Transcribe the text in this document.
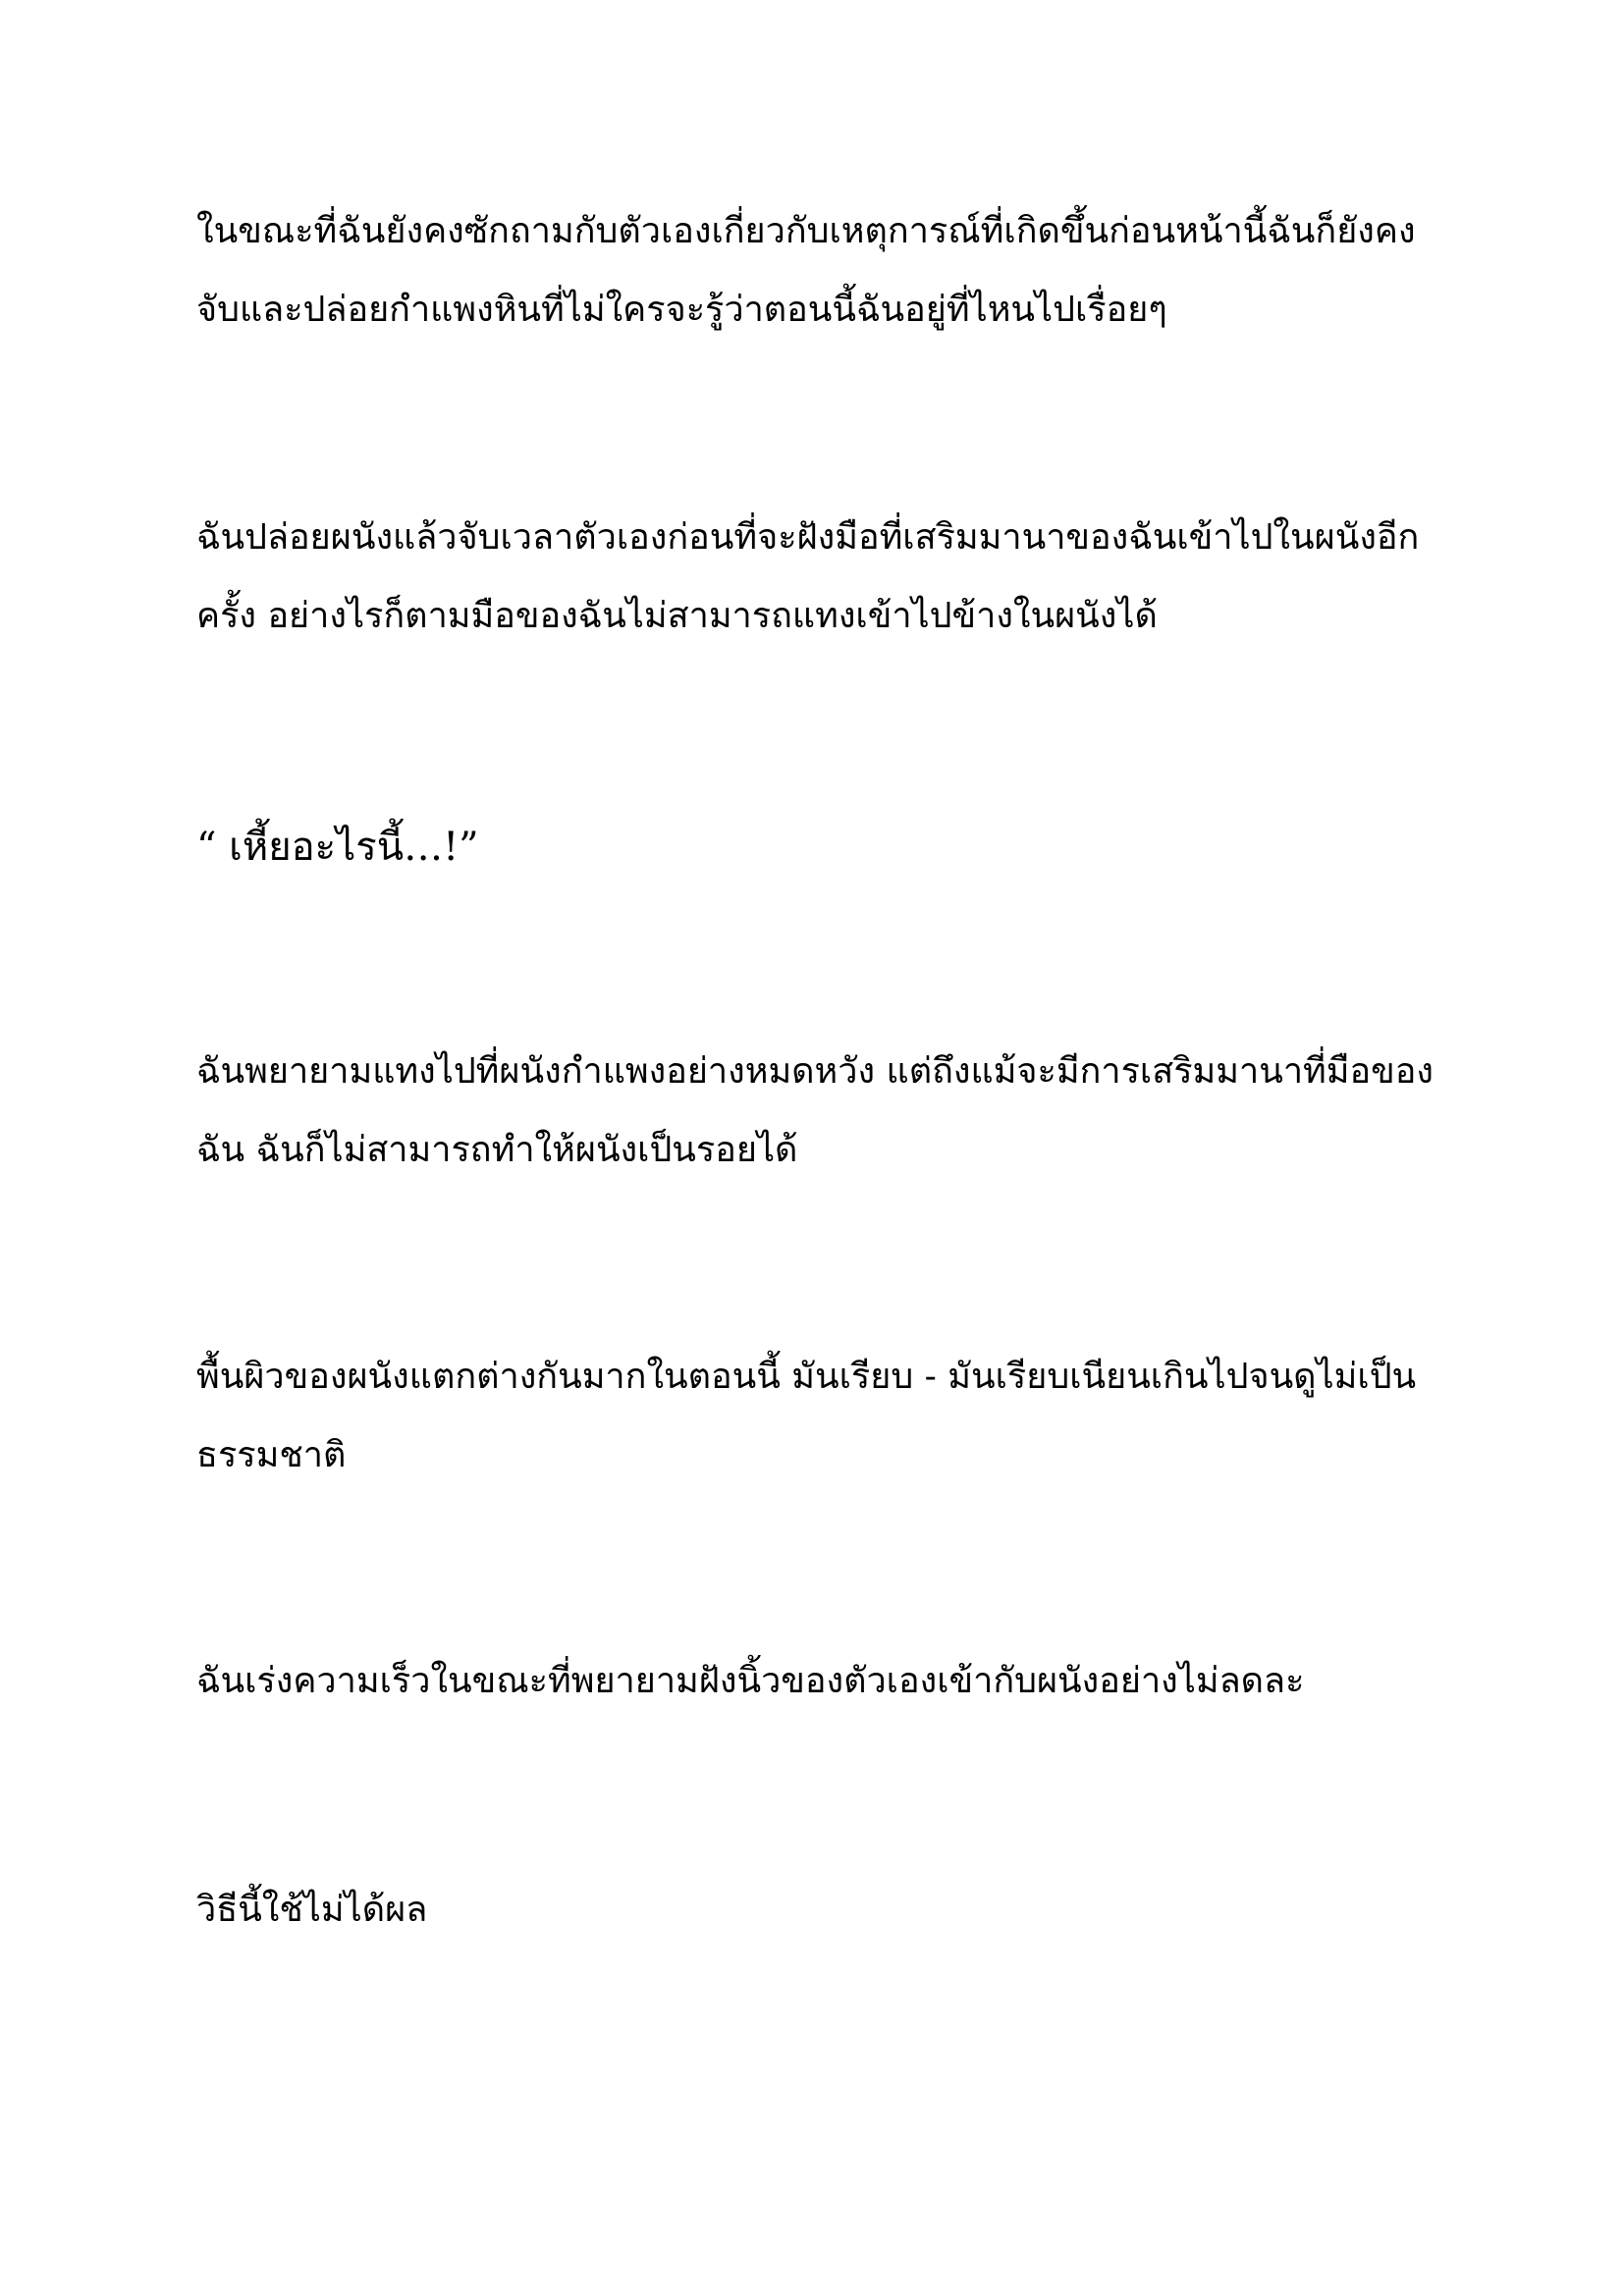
ในขณะที่ฉันยังคงซักถามกับตัวเองเกี่ยวกับเหตุการณ์ที่เกิดขึ้นก่อนหน้านี้ฉันก็ยังคง
จับและปล่อยกำแพงหินที่ไม่ใครจะรู้ว่าตอนนี้ฉันอยู่ที่ไหนไปเรื่อยๆ

ฉันปล่อยผนังแล้วจับเวลาตัวเองก่อนที่จะฝังมือที่เสริมมานาของฉันเข้าไปในผนังอีก
ครั้ง อย่างไรก็ตามมือของฉันไม่สามารถแทงเข้าไปข้างในผนังได้

“ เหี้ยอะไรนี้…!”

ฉันพยายามแทงไปที่ผนังกำแพงอย่างหมดหวัง แต่ถึงแม้จะมีการเสริมมานาที่มือของ
ฉัน ฉันก็ไม่สามารถทำให้ผนังเป็นรอยได้

พื้นผิวของผนังแตกต่างกันมากในตอนนี้ มันเรียบ - มันเรียบเนียนเกินไปจนดูไม่เป็น
ธรรมชาติ

ฉันเร่งความเร็วในขณะที่พยายามฝังนิ้วของตัวเองเข้ากับผนังอย่างไม่ลดละ

วิธีนี้ใช้ไม่ได้ผล
